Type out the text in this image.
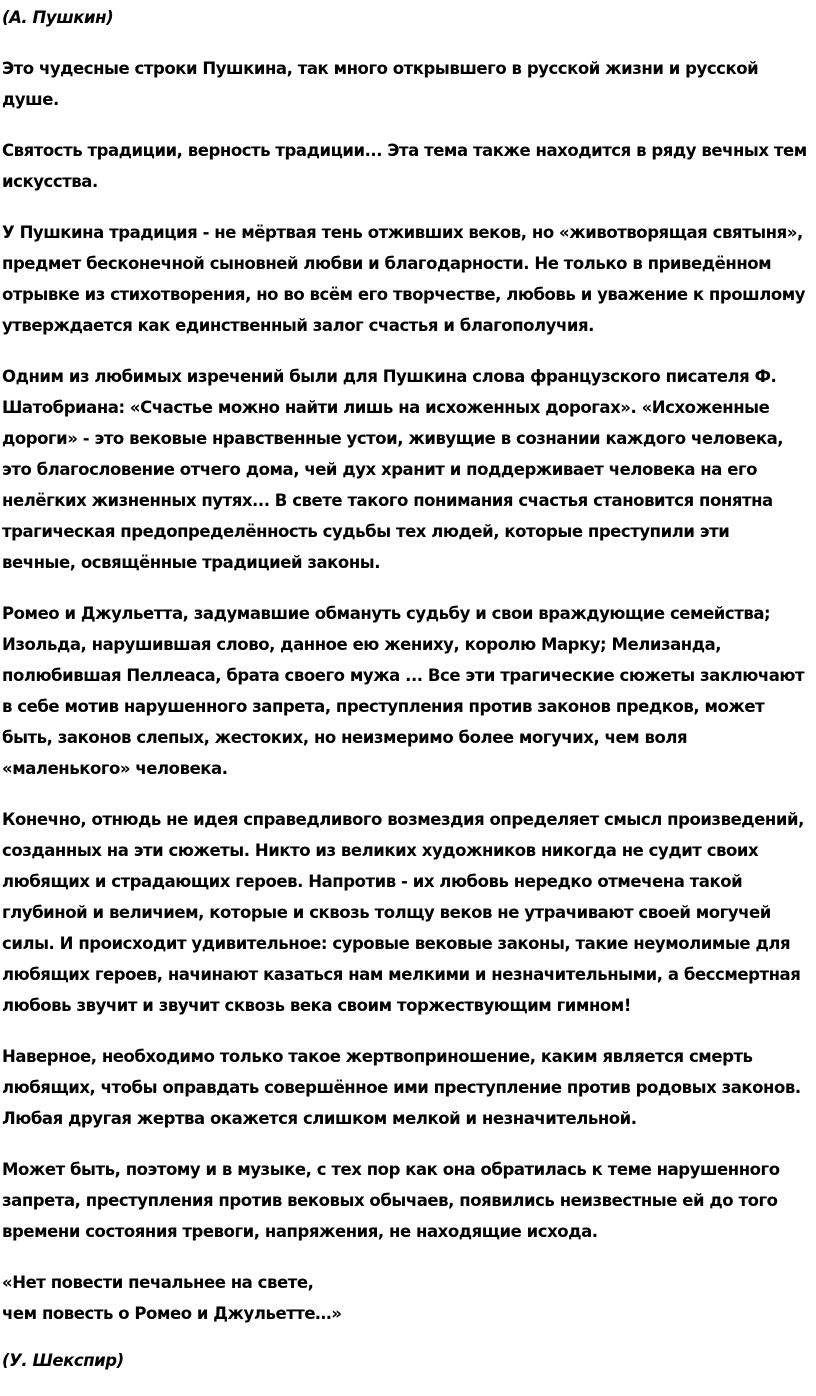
(А. Пушкин)

Это чудесные строки Пушкина, так много открывшего в русской жизни и русской душе.

Святость традиции, верность традиции... Эта тема также находится в ряду вечных тем искусства.

У Пушкина традиция - не мёртвая тень отживших веков, но «животворящая святыня», предмет бесконечной сыновней любви и благодарности. Не только в приведённом отрывке из стихотворения, но во всём его творчестве, любовь и уважение к прошлому утверждается как единственный залог счастья и благополучия.

Одним из любимых изречений были для Пушкина слова французского писателя Ф. Шатобриана: «Счастье можно найти лишь на исхоженных дорогах». «Исхоженные дороги» - это вековые нравственные устои, живущие в сознании каждого человека, это благословение отчего дома, чей дух хранит и поддерживает человека на его нелёгких жизненных путях... В свете такого понимания счастья становится понятна трагическая предопределённость судьбы тех людей, которые преступили эти вечные, освящённые традицией законы.

Ромео и Джульетта, задумавшие обмануть судьбу и свои враждующие семейства; Изольда, нарушившая слово, данное ею жениху, королю Марку; Мелизанда, полюбившая Пеллеаса, брата своего мужа ... Все эти трагические сюжеты заключают в себе мотив нарушенного запрета, преступления против законов предков, может быть, законов слепых, жестоких, но неизмеримо более могучих, чем воля «маленького» человека.

Конечно, отнюдь не идея справедливого возмездия определяет смысл произведений, созданных на эти сюжеты. Никто из великих художников никогда не судит своих любящих и страдающих героев. Напротив - их любовь нередко отмечена такой глубиной и величием, которые и сквозь толщу веков не утрачивают своей могучей силы. И происходит удивительное: суровые вековые законы, такие неумолимые для любящих героев, начинают казаться нам мелкими и незначительными, а бессмертная любовь звучит и звучит сквозь века своим торжествующим гимном!

Наверное, необходимо только такое жертвоприношение, каким является смерть любящих, чтобы оправдать совершённое ими преступление против родовых законов. Любая другая жертва окажется слишком мелкой и незначительной.

Может быть, поэтому и в музыке, с тех пор как она обратилась к теме нарушенного запрета, преступления против вековых обычаев, появились неизвестные ей до того времени состояния тревоги, напряжения, не находящие исхода.

«Нет повести печальнее на свете,
чем повесть о Ромео и Джульетте…»

(У. Шекспир)
